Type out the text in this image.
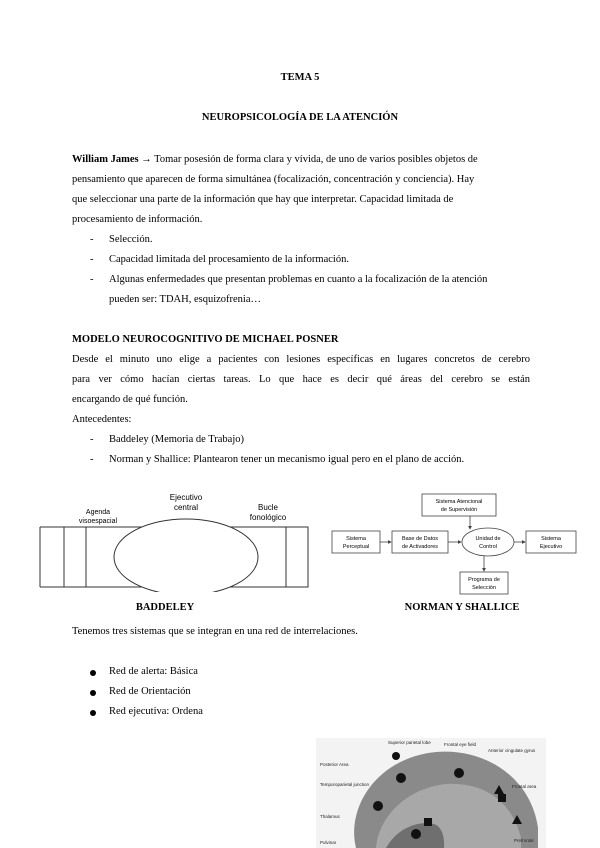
TEMA 5
NEUROPSICOLOGÍA DE LA ATENCIÓN
William James → Tomar posesión de forma clara y vívida, de uno de varios posibles objetos de
pensamiento que aparecen de forma simultánea (focalización, concentración y conciencia). Hay
que seleccionar una parte de la información que hay que interpretar. Capacidad limitada de
procesamiento de información.
- Selección.
- Capacidad limitada del procesamiento de la información.
- Algunas enfermedades que presentan problemas en cuanto a la focalización de la atención
pueden ser: TDAH, esquizofrenia…
MODELO NEUROCOGNITIVO DE MICHAEL POSNER
Desde el minuto uno elige a pacientes con lesiones específicas en lugares concretos de cerebro
para ver cómo hacían ciertas tareas. Lo que hace es decir qué áreas del cerebro se están
encargando de qué función.
Antecedentes:
- Baddeley (Memoria de Trabajo)
- Norman y Shallice: Plantearon tener un mecanismo igual pero en el plano de acción.
Ejecutivo
central
Agenda
visoespacial
Bucle
fonológico
BADDELEY
Sistema Atencional
de Supervisión
Sistema
Perceptual
Base de Datos
de Activadores
Unidad de
Control
Sistema
Ejecutivo
Programa de
Selección
NORMAN Y SHALLICE
Tenemos tres sistemas que se integran en una red de interrelaciones.
Red de alerta: Básica
Red de Orientación
Red ejecutiva: Ordena
Superior parietal lobe	Frontal eye field
Anterior cingulate gyrus
Posterior Area
Temporoparietal junction	Frontal area
Thalamus
Prefrontal
Pulvinar
